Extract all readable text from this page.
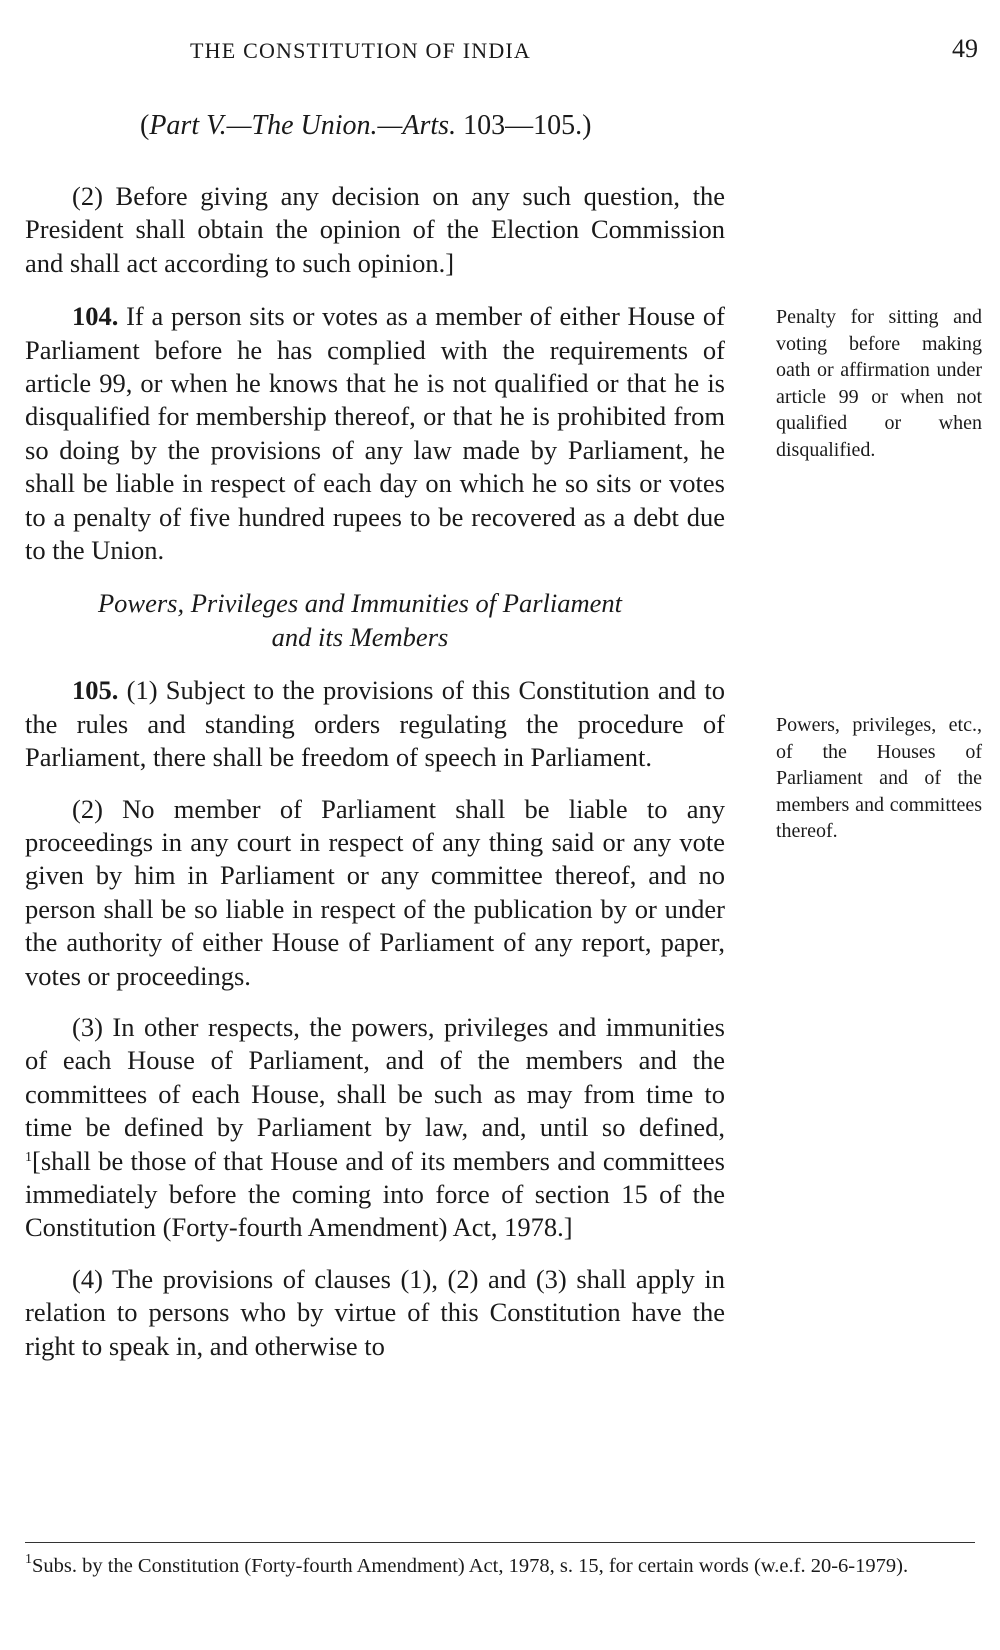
THE CONSTITUTION OF INDIA	49
(Part V.—The Union.—Arts. 103—105.)

(2) Before giving any decision on any such question, the President shall obtain the opinion of the Election Commission and shall act according to such opinion.]

104. If a person sits or votes as a member of either House of Parliament before he has complied with the requirements of article 99, or when he knows that he is not qualified or that he is disqualified for membership thereof, or that he is prohibited from so doing by the provisions of any law made by Parliament, he shall be liable in respect of each day on which he so sits or votes to a penalty of five hundred rupees to be recovered as a debt due to the Union.

Powers, Privileges and Immunities of Parliament
and its Members

105. (1) Subject to the provisions of this Constitution and to the rules and standing orders regulating the procedure of Parliament, there shall be freedom of speech in Parliament.

(2) No member of Parliament shall be liable to any proceedings in any court in respect of any thing said or any vote given by him in Parliament or any committee thereof, and no person shall be so liable in respect of the publication by or under the authority of either House of Parliament of any report, paper, votes or proceedings.

(3) In other respects, the powers, privileges and immunities of each House of Parliament, and of the members and the committees of each House, shall be such as may from time to time be defined by Parliament by law, and, until so defined, $^1$[shall be those of that House and of its members and committees immediately before the coming into force of section 15 of the Constitution (Forty-fourth Amendment) Act, 1978.]

(4) The provisions of clauses (1), (2) and (3) shall apply in relation to persons who by virtue of this Constitution have the right to speak in, and otherwise to

Penalty for sitting and voting before making oath or affirmation under article 99 or when not qualified or when disqualified.
Powers, privileges, etc., of the Houses of Parliament and of the members and committees thereof.
$^1$Subs. by the Constitution (Forty-fourth Amendment) Act, 1978, s. 15, for certain words (w.e.f. 20-6-1979).
